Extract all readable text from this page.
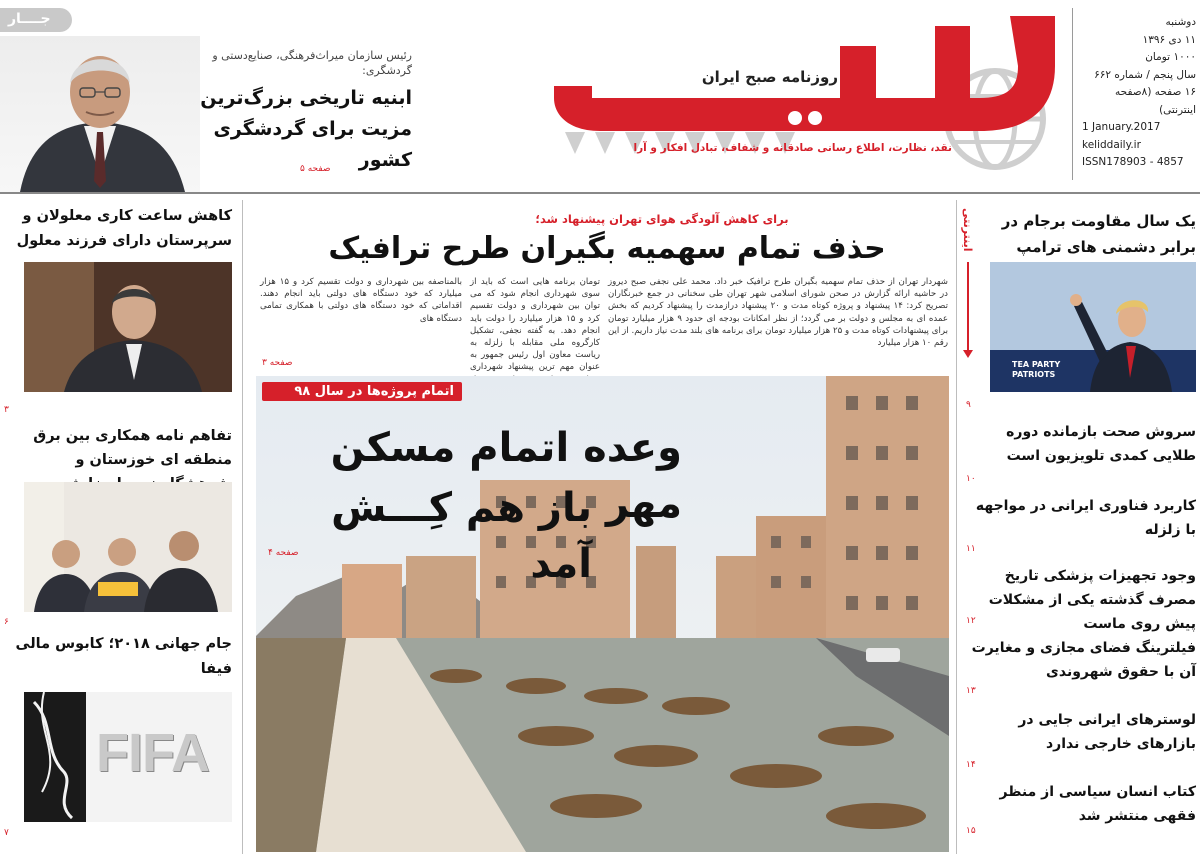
جــــار
رئیس سازمان میراث‌فرهنگی، صنایع‌دستی و گردشگری:
ابنیه تاریخی بزرگ‌ترین مزیت برای گردشگری کشور
صفحه ۵
روزنامه صبح ایران
نقد، نظارت، اطلاع رسانی صادقانه و شفاف، تبادل افکار و آرا
دوشنبه
۱۱ دی ۱۳۹۶
۱۰۰۰ تومان
سال پنجم / شماره ۶۶۲
۱۶ صفحه (۸صفحه اینترنتی)
1 January.2017
keliddaily.ir
ISSN178903 - 4857
کاهش ساعت کاری معلولان و سرپرستان دارای فرزند معلول
۳
تفاهم نامه همکاری بین برق منطقه ای خوزستان و
۶
جام جهانی ۲۰۱۸؛ کابوس مالی فیفا
FIFA
۷
برای کاهش آلودگی هوای تهران پیشنهاد شد؛
حذف تمام سهمیه بگیران طرح ترافیک
شهردار تهران از حذف تمام سهمیه بگیران طرح ترافیک خبر داد. محمد علی نجفی صبح دیروز در حاشیه ارائه گزارش در صحن شورای اسلامی شهر تهران طی سخنانی در جمع خبرنگاران تصریح کرد: ۱۴ پیشنهاد و پروژه کوتاه مدت و ۲۰ پیشنهاد درازمدت را پیشنهاد کردیم که بخش عمده ای به مجلس و دولت بر می گردد؛ از نظر امکانات بودجه ای حدود ۹ هزار میلیارد تومان برای پیشنهادات کوتاه مدت و ۲۵ هزار میلیارد تومان برای برنامه های بلند مدت نیاز داریم. از این رقم ۱۰ هزار میلیارد
تومان برنامه هایی است که باید از سوی شهرداری انجام شود که می توان بین شهرداری و دولت تقسیم کرد و ۱۵ هزار میلیارد را دولت باید انجام دهد. به گفته نجفی، تشکیل کارگروه ملی مقابله با زلزله به ریاست معاون اول رئیس جمهور به عنوان مهم ترین پیشنهاد شهرداری
بالمناصفه بین شهرداری و دولت تقسیم کرد و ۱۵ هزار میلیارد که خود دستگاه های دولتی باید انجام دهند. اقداماتی که خود دستگاه های دولتی با همکاری تمامی دستگاه های
صفحه ۳
اتمام پروژه‌ها در سال ۹۸
وعده اتمام مسکن مهر
باز هم کِـــش آمد
صفحه ۴
اینترنتی	یک سال مقاومت برجام در برابر دشمنی های ترامپ
TEA PARTY PATRIOTS
۹
سروش صحت بازمانده دوره طلایی کمدی تلویزیون است
۱۰
کاربرد فناوری ایرانی در مواجهه با زلزله
۱۱
وجود تجهیزات پزشکی تاریخ مصرف گذشته یکی از مشکلات پیش روی ماست
۱۲
فیلترینگ فضای مجازی و مغایرت آن با حقوق شهروندی
۱۳
لوسترهای ایرانی جایی در بازارهای خارجی ندارد
۱۴
کتاب انسان سیاسی از منظر فقهی منتشر شد
۱۵
